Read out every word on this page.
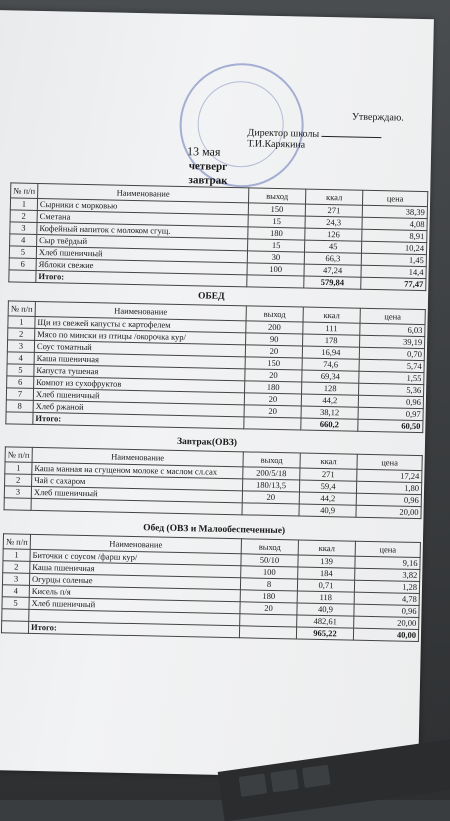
Утверждаю.
Директор школыТ.И.Карякина
13 мая
четверг
завтрак
№ п/п	Наименование	выход	ккал	цена
1	Сырники с морковью	150	271	38,39
2	Сметана	15	24,3	4,08
3	Кофейный напиток с молоком сгущ.	180	126	8,91
4	Сыр твёрдый	15	45	10,24
5	Хлеб пшеничный	30	66,3	1,45
6	Яблоки свежие	100	47,24	14,4
	Итого:		579,84	77,47
ОБЕД
№ п/п	Наименование	выход	ккал	цена
1	Щи из свежей капусты с картофелем	200	111	6,03
2	Мясо по мински из птицы /окорочка кур/	90	178	39,19
3	Соус томатный	20	16,94	0,70
4	Каша пшеничная	150	74,6	5,74
5	Капуста тушеная	20	69,34	1,55
6	Компот из сухофруктов	180	128	5,36
7	Хлеб пшеничный	20	44,2	0,96
8	Хлеб ржаной	20	38,12	0,97
	Итого:		660,2	60,50
Завтрак(ОВЗ)
№ п/п	Наименование	выход	ккал	цена
1	Каша манная на сгущеном молоке с маслом сл.сах	200/5/18	271	17,24
2	Чай с сахаром	180/13,5	59,4	1,80
3	Хлеб пшеничный	20	44,2	0,96
			40,9	20,00
Обед (ОВЗ и Малообеспеченные)
№ п/п	Наименование	выход	ккал	цена
1	Биточки с соусом /фарш кур/	50/10	139	9,16
2	Каша пшеничная	100	184	3,82
3	Огурцы соленые	8	0,71	1,28
4	Кисель п/я	180	118	4,78
5	Хлеб пшеничный	20	40,9	0,96
			482,61	20,00
	Итого:		965,22	40,00
